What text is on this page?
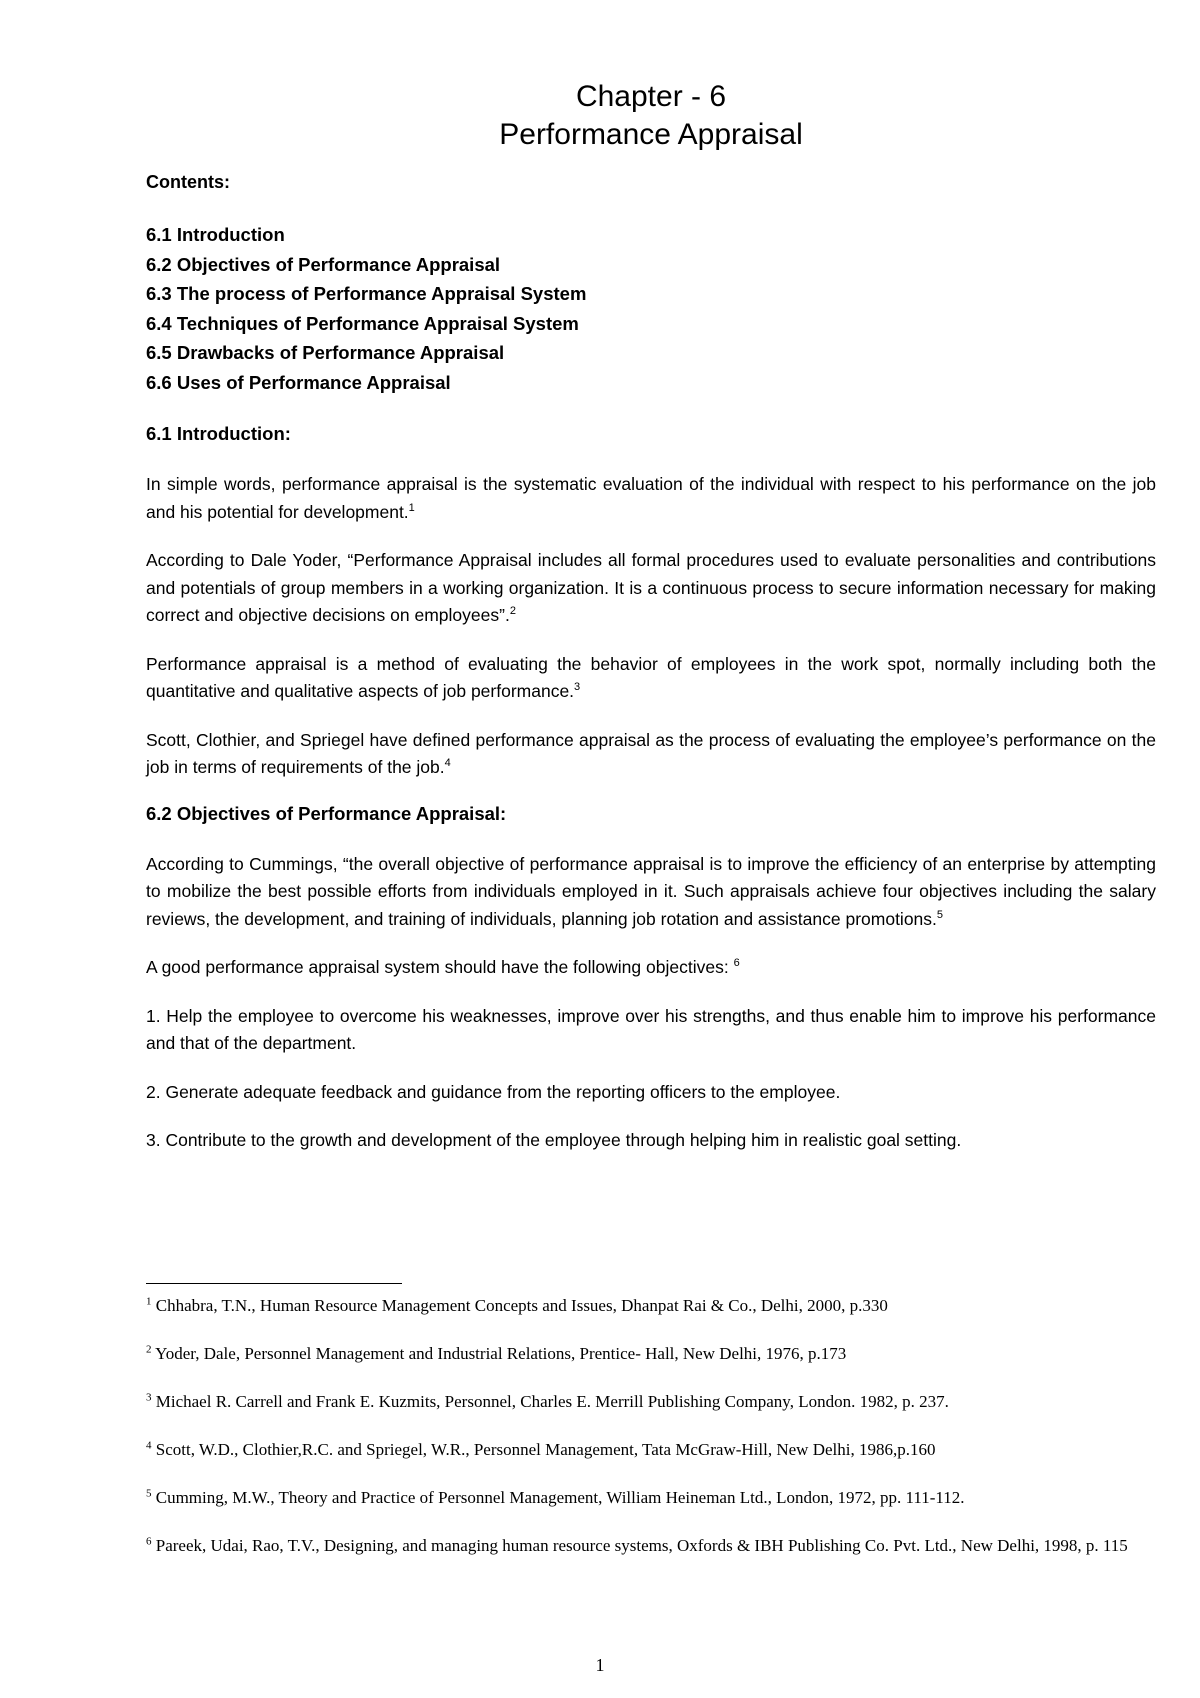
Chapter - 6
Performance Appraisal
Contents:
6.1 Introduction
6.2 Objectives of Performance Appraisal
6.3 The process of Performance Appraisal System
6.4 Techniques of Performance Appraisal System
6.5 Drawbacks of Performance Appraisal
6.6 Uses of Performance Appraisal
6.1 Introduction:

In simple words, performance appraisal is the systematic evaluation of the individual with respect to his performance on the job and his potential for development.$^1$

According to Dale Yoder, “Performance Appraisal includes all formal procedures used to evaluate personalities and contributions and potentials of group members in a working organization. It is a continuous process to secure information necessary for making correct and objective decisions on employees”.$^2$

Performance appraisal is a method of evaluating the behavior of employees in the work spot, normally including both the quantitative and qualitative aspects of job performance.$^3$

Scott, Clothier, and Spriegel have defined performance appraisal as the process of evaluating the employee’s performance on the job in terms of requirements of the job.$^4$

6.2 Objectives of Performance Appraisal:

According to Cummings, “the overall objective of performance appraisal is to improve the efficiency of an enterprise by attempting to mobilize the best possible efforts from individuals employed in it. Such appraisals achieve four objectives including the salary reviews, the development, and training of individuals, planning job rotation and assistance promotions.$^5$

A good performance appraisal system should have the following objectives: $^6$

1. Help the employee to overcome his weaknesses, improve over his strengths, and thus enable him to improve his performance and that of the department.

2. Generate adequate feedback and guidance from the reporting officers to the employee.

3. Contribute to the growth and development of the employee through helping him in realistic goal setting.

$^1$ Chhabra, T.N., Human Resource Management Concepts and Issues, Dhanpat Rai & Co., Delhi, 2000, p.330
$^2$ Yoder, Dale, Personnel Management and Industrial Relations, Prentice- Hall, New Delhi, 1976, p.173
$^3$ Michael R. Carrell and Frank E. Kuzmits, Personnel, Charles E. Merrill Publishing Company, London. 1982, p. 237.
$^4$ Scott, W.D., Clothier,R.C. and Spriegel, W.R., Personnel Management, Tata McGraw-Hill, New Delhi, 1986,p.160
$^5$ Cumming, M.W., Theory and Practice of Personnel Management, William Heineman Ltd., London, 1972, pp. 111-112.
$^6$ Pareek, Udai, Rao, T.V., Designing, and managing human resource systems, Oxfords & IBH Publishing Co. Pvt. Ltd., New Delhi, 1998, p. 115
1
